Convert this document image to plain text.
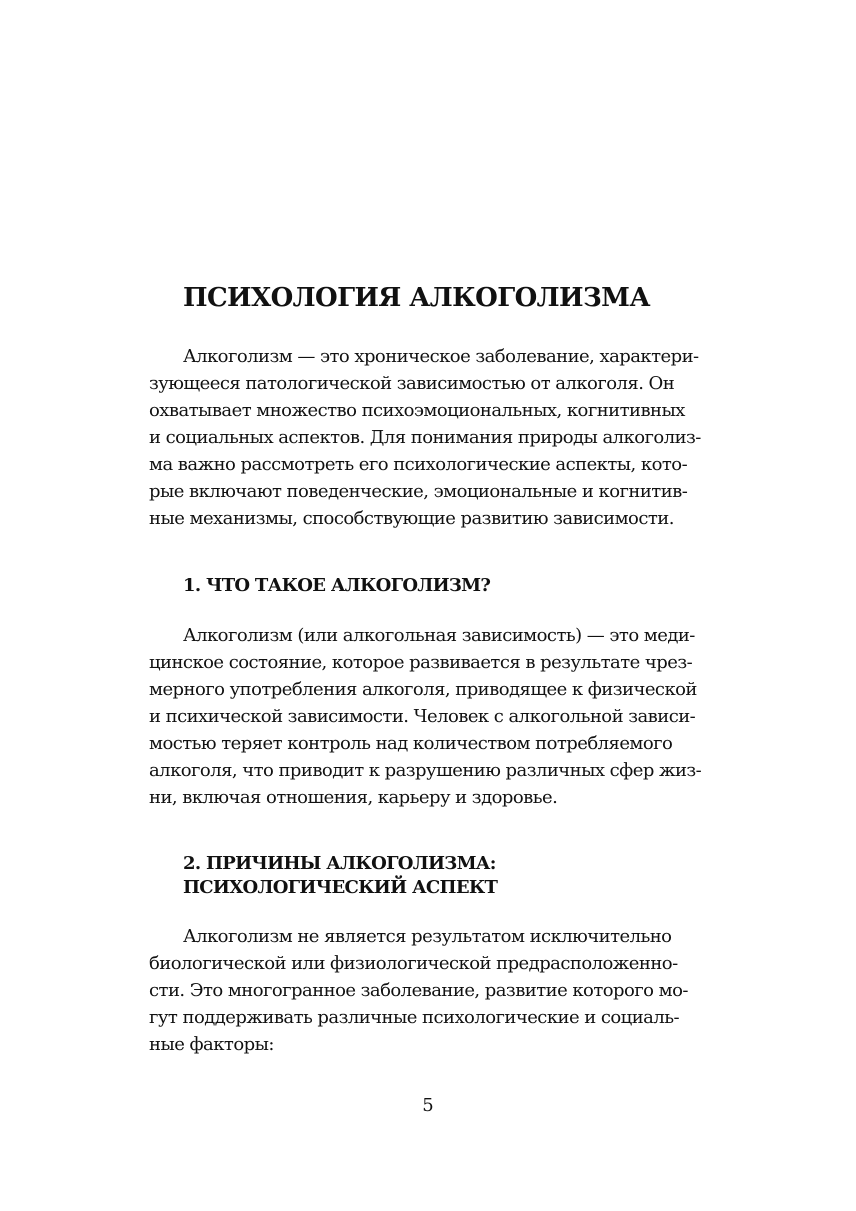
ПСИХОЛОГИЯ АЛКОГОЛИЗМА

Алкоголизм — это хроническое заболевание, характери-
зующееся патологической зависимостью от алкоголя. Он
охватывает множество психоэмоциональных, когнитивных
и социальных аспектов. Для понимания природы алкоголиз-
ма важно рассмотреть его психологические аспекты, кото-
рые включают поведенческие, эмоциональные и когнитив-
ные механизмы, способствующие развитию зависимости.

1. ЧТО ТАКОЕ АЛКОГОЛИЗМ?

Алкоголизм (или алкогольная зависимость) — это меди-
цинское состояние, которое развивается в результате чрез-
мерного употребления алкоголя, приводящее к физической
и психической зависимости. Человек с алкогольной зависи-
мостью теряет контроль над количеством потребляемого
алкоголя, что приводит к разрушению различных сфер жиз-
ни, включая отношения, карьеру и здоровье.

2. ПРИЧИНЫ АЛКОГОЛИЗМА:
ПСИХОЛОГИЧЕСКИЙ АСПЕКТ

Алкоголизм не является результатом исключительно
биологической или физиологической предрасположенно-
сти. Это многогранное заболевание, развитие которого мо-
гут поддерживать различные психологические и социаль-
ные факторы:

5
